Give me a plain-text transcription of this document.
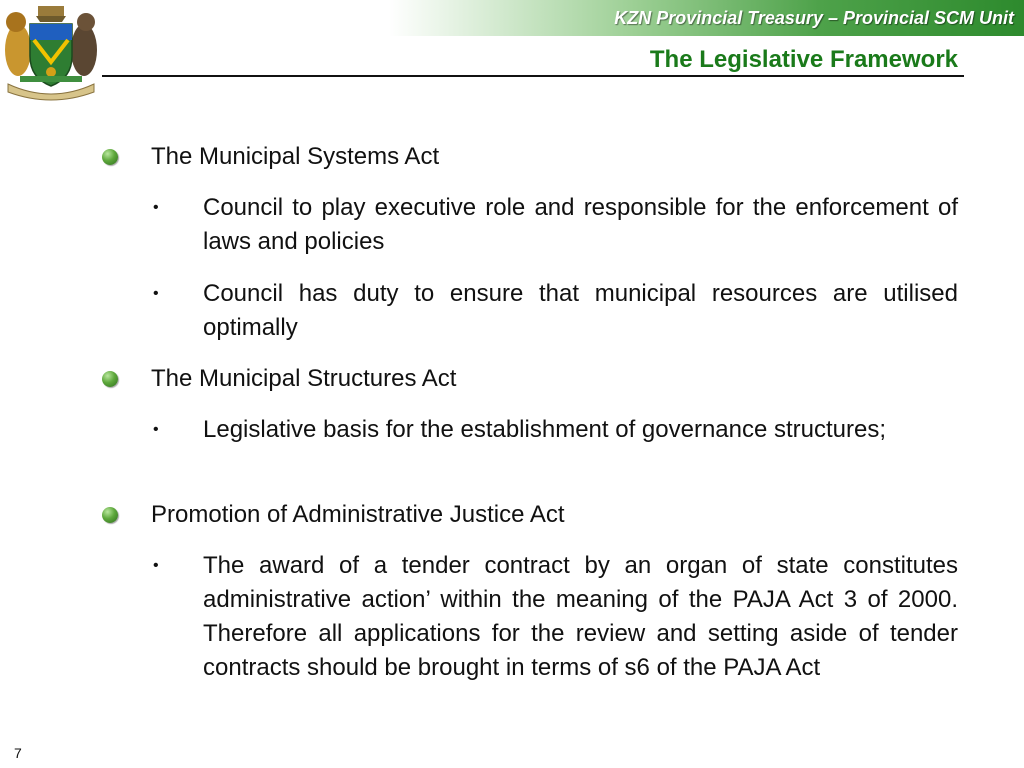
KZN Provincial Treasury – Provincial SCM Unit
The Legislative Framework
The Municipal Systems Act
• Council to play executive role and responsible for the enforcement of laws and policies
• Council has duty to ensure that municipal resources are utilised optimally
The Municipal Structures Act
• Legislative basis for the establishment of governance structures;
Promotion of Administrative Justice Act
• The award of a tender contract by an organ of state constitutes administrative action’ within the meaning of the PAJA Act 3 of 2000. Therefore all applications for the review and setting aside of tender contracts should be brought in terms of s6 of the PAJA Act
7
